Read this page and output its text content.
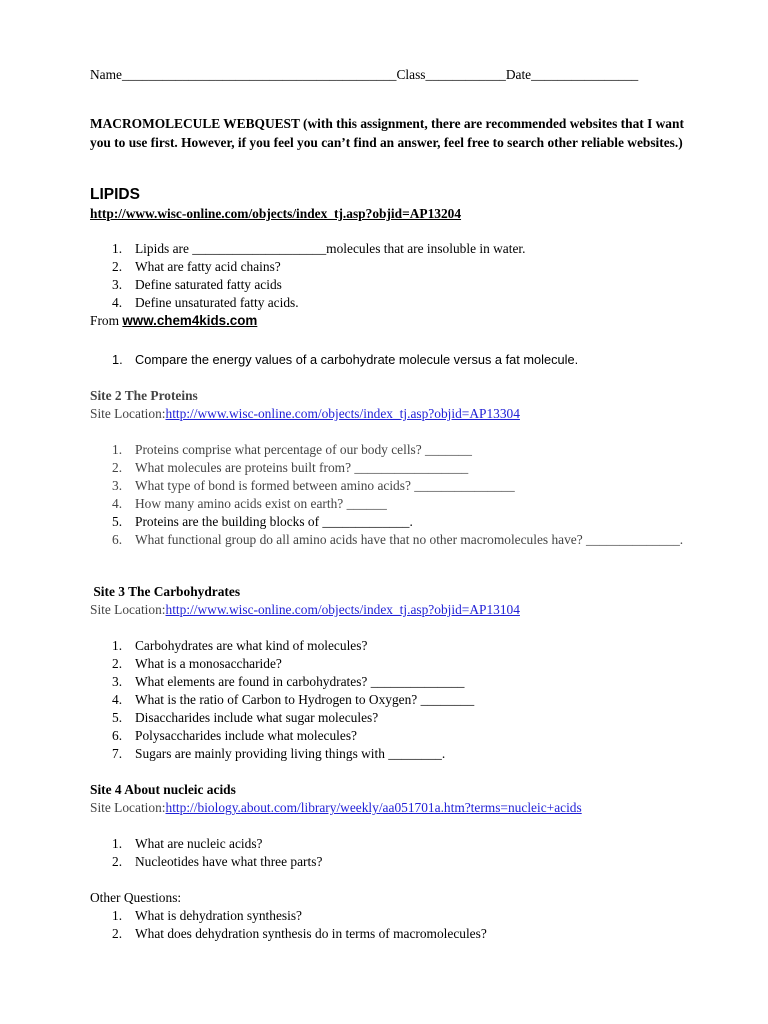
Name_________________________________________Class____________Date________________
MACROMOLECULE WEBQUEST (with this assignment, there are recommended websites that I want you to use first. However, if you feel you can’t find an answer, feel free to search other reliable websites.)
LIPIDS
http://www.wisc-online.com/objects/index_tj.asp?objid=AP13204
1. Lipids are ____________________molecules that are insoluble in water.
2. What are fatty acid chains?
3. Define saturated fatty acids
4. Define unsaturated fatty acids.
From www.chem4kids.com
1. Compare the energy values of a carbohydrate molecule versus a fat molecule.
Site 2 The Proteins
Site Location:http://www.wisc-online.com/objects/index_tj.asp?objid=AP13304
1. Proteins comprise what percentage of our body cells? _______
2. What molecules are proteins built from? _________________
3. What type of bond is formed between amino acids? _______________
4. How many amino acids exist on earth? ______
5. Proteins are the building blocks of _____________.
6. What functional group do all amino acids have that no other macromolecules have? ______________.
Site 3 The Carbohydrates
Site Location:http://www.wisc-online.com/objects/index_tj.asp?objid=AP13104
1. Carbohydrates are what kind of molecules?
2. What is a monosaccharide?
3. What elements are found in carbohydrates? ______________
4. What is the ratio of Carbon to Hydrogen to Oxygen? ________
5. Disaccharides include what sugar molecules?
6. Polysaccharides include what molecules?
7. Sugars are mainly providing living things with ________.
Site 4 About nucleic acids
Site Location:http://biology.about.com/library/weekly/aa051701a.htm?terms=nucleic+acids
1. What are nucleic acids?
2. Nucleotides have what three parts?
Other Questions:
1. What is dehydration synthesis?
2. What does dehydration synthesis do in terms of macromolecules?
